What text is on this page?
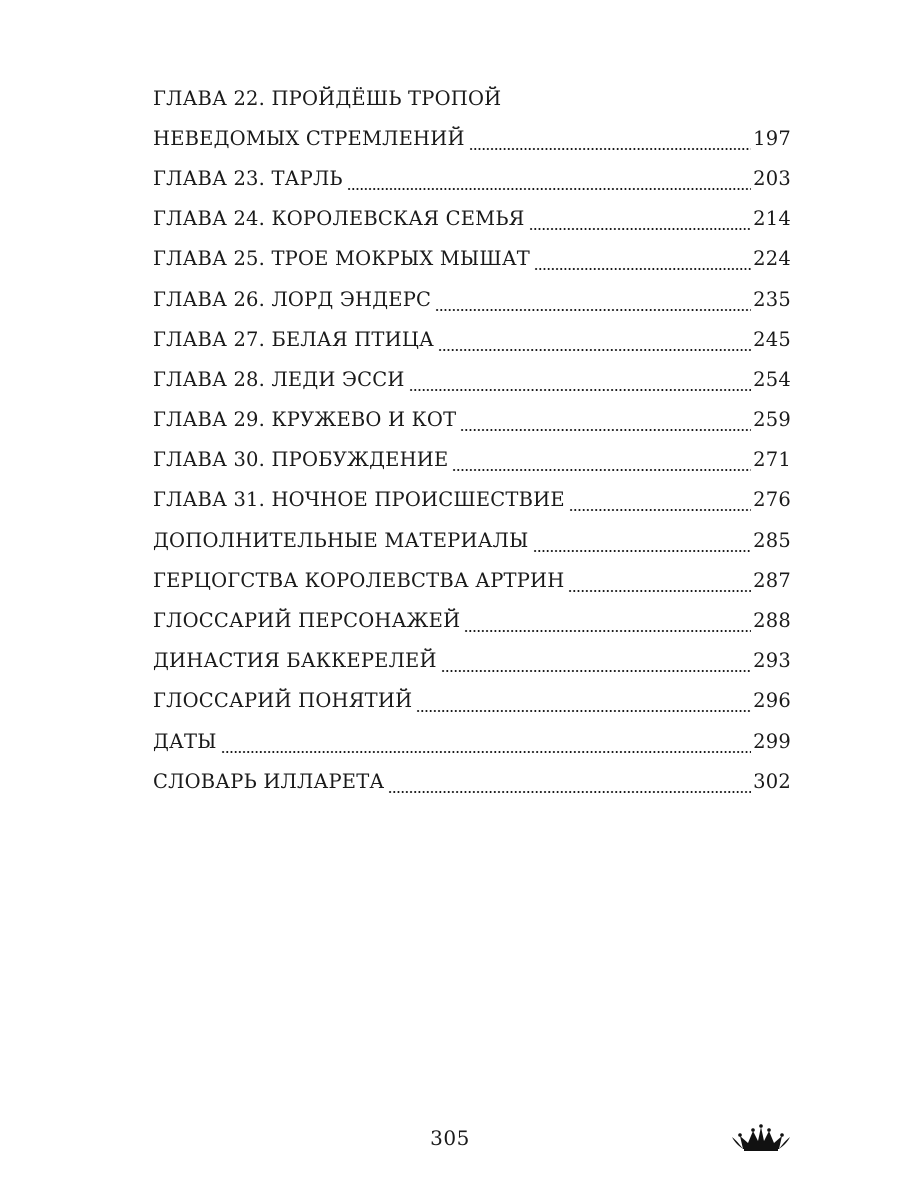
ГЛАВА 22. ПРОЙДЁШЬ ТРОПОЙ
НЕВЕДОМЫХ СТРЕМЛЕНИЙ	197
ГЛАВА 23. ТАРЛЬ	203
ГЛАВА 24. КОРОЛЕВСКАЯ СЕМЬЯ	214
ГЛАВА 25. ТРОЕ МОКРЫХ МЫШАТ	224
ГЛАВА 26. ЛОРД ЭНДЕРС	235
ГЛАВА 27. БЕЛАЯ ПТИЦА	245
ГЛАВА 28. ЛЕДИ ЭССИ	254
ГЛАВА 29. КРУЖЕВО И КОТ	259
ГЛАВА 30. ПРОБУЖДЕНИЕ	271
ГЛАВА 31. НОЧНОЕ ПРОИСШЕСТВИЕ	276
ДОПОЛНИТЕЛЬНЫЕ МАТЕРИАЛЫ	285
ГЕРЦОГСТВА КОРОЛЕВСТВА АРТРИН	287
ГЛОССАРИЙ ПЕРСОНАЖЕЙ	288
ДИНАСТИЯ БАККЕРЕЛЕЙ	293
ГЛОССАРИЙ ПОНЯТИЙ	296
ДАТЫ	299
СЛОВАРЬ ИЛЛАРЕТА	302
305
